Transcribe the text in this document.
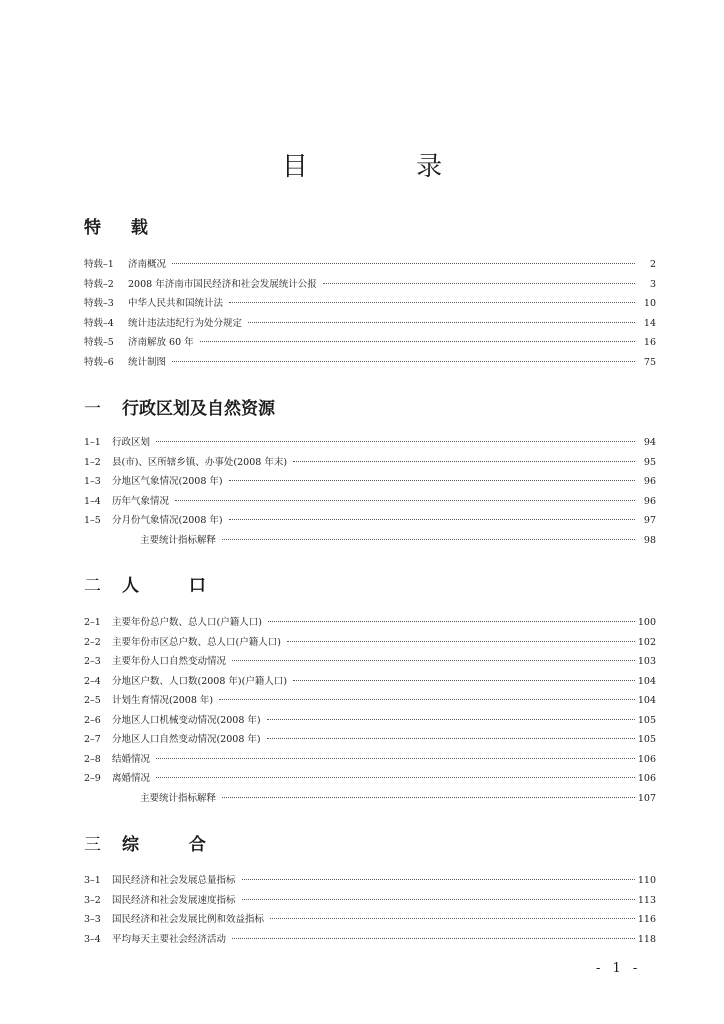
目 录
特 载
特载–1	济南概况	2
特载–2	2008 年济南市国民经济和社会发展统计公报	3
特载–3	中华人民共和国统计法	10
特载–4	统计违法违纪行为处分规定	14
特载–5	济南解放 60 年	16
特载–6	统计制图	75
一 行政区划及自然资源
1–1	行政区划	94
1–2	县(市)、区所辖乡镇、办事处(2008 年末)	95
1–3	分地区气象情况(2008 年)	96
1–4	历年气象情况	96
1–5	分月份气象情况(2008 年)	97
主要统计指标解释	98
二 人 口
2–1	主要年份总户数、总人口(户籍人口)	100
2–2	主要年份市区总户数、总人口(户籍人口)	102
2–3	主要年份人口自然变动情况	103
2–4	分地区户数、人口数(2008 年)(户籍人口)	104
2–5	计划生育情况(2008 年)	104
2–6	分地区人口机械变动情况(2008 年)	105
2–7	分地区人口自然变动情况(2008 年)	105
2–8	结婚情况	106
2–9	离婚情况	106
主要统计指标解释	107
三 综 合
3–1	国民经济和社会发展总量指标	110
3–2	国民经济和社会发展速度指标	113
3–3	国民经济和社会发展比例和效益指标	116
3–4	平均每天主要社会经济活动	118
- 1 -
